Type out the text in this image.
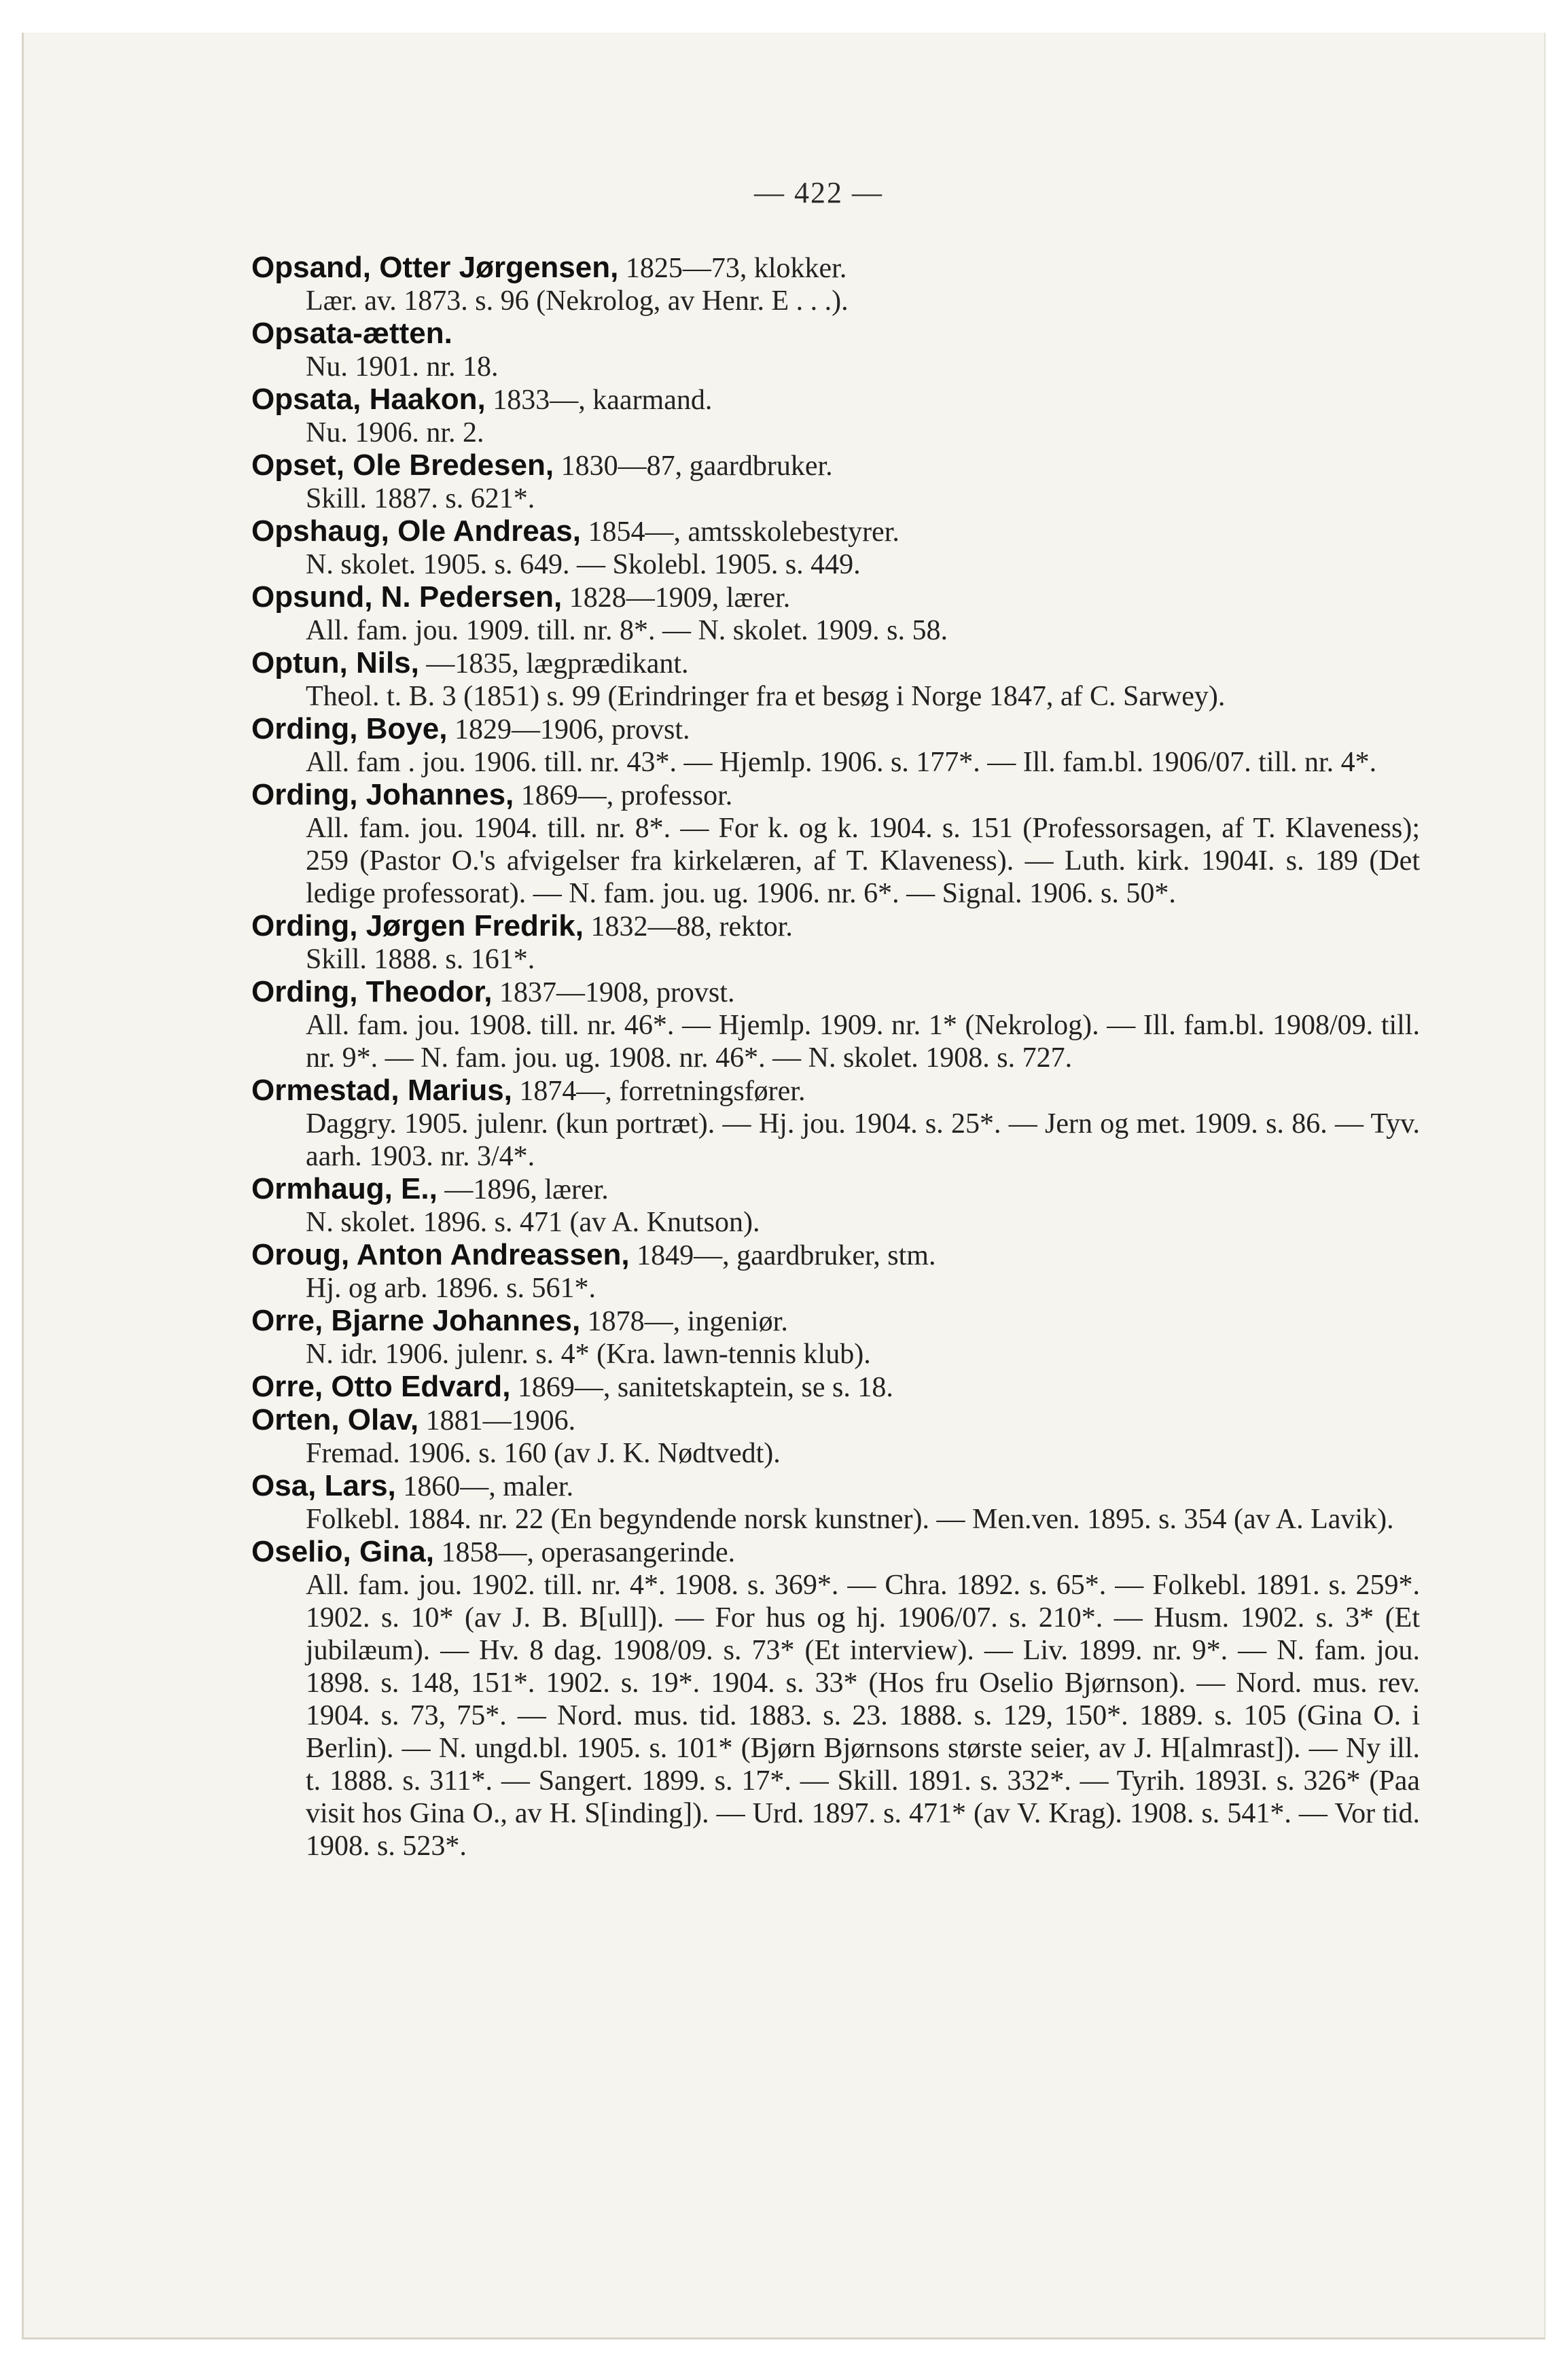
— 422 —
Opsand, Otter Jørgensen, 1825—73, klokker.
Lær. av. 1873. s. 96 (Nekrolog, av Henr. E . . .).
Opsata-ætten.
Nu. 1901. nr. 18.
Opsata, Haakon, 1833—, kaarmand.
Nu. 1906. nr. 2.
Opset, Ole Bredesen, 1830—87, gaardbruker.
Skill. 1887. s. 621*.
Opshaug, Ole Andreas, 1854—, amtsskolebestyrer.
N. skolet. 1905. s. 649. — Skolebl. 1905. s. 449.
Opsund, N. Pedersen, 1828—1909, lærer.
All. fam. jou. 1909. till. nr. 8*. — N. skolet. 1909. s. 58.
Optun, Nils, —1835, lægprædikant.
Theol. t. B. 3 (1851) s. 99 (Erindringer fra et besøg i Norge 1847, af C. Sarwey).
Ording, Boye, 1829—1906, provst.
All. fam . jou. 1906. till. nr. 43*. — Hjemlp. 1906. s. 177*. — Ill. fam.bl. 1906/07. till. nr. 4*.
Ording, Johannes, 1869—, professor.
All. fam. jou. 1904. till. nr. 8*. — For k. og k. 1904. s. 151 (Professorsagen, af T. Klaveness); 259 (Pastor O.'s afvigelser fra kirkelæren, af T. Klaveness). — Luth. kirk. 1904I. s. 189 (Det ledige professorat). — N. fam. jou. ug. 1906. nr. 6*. — Signal. 1906. s. 50*.
Ording, Jørgen Fredrik, 1832—88, rektor.
Skill. 1888. s. 161*.
Ording, Theodor, 1837—1908, provst.
All. fam. jou. 1908. till. nr. 46*. — Hjemlp. 1909. nr. 1* (Nekrolog). — Ill. fam.bl. 1908/09. till. nr. 9*. — N. fam. jou. ug. 1908. nr. 46*. — N. skolet. 1908. s. 727.
Ormestad, Marius, 1874—, forretningsfører.
Daggry. 1905. julenr. (kun portræt). — Hj. jou. 1904. s. 25*. — Jern og met. 1909. s. 86. — Tyv. aarh. 1903. nr. 3/4*.
Ormhaug, E., —1896, lærer.
N. skolet. 1896. s. 471 (av A. Knutson).
Oroug, Anton Andreassen, 1849—, gaardbruker, stm.
Hj. og arb. 1896. s. 561*.
Orre, Bjarne Johannes, 1878—, ingeniør.
N. idr. 1906. julenr. s. 4* (Kra. lawn-tennis klub).
Orre, Otto Edvard, 1869—, sanitetskaptein, se s. 18.
Orten, Olav, 1881—1906.
Fremad. 1906. s. 160 (av J. K. Nødtvedt).
Osa, Lars, 1860—, maler.
Folkebl. 1884. nr. 22 (En begyndende norsk kunstner). — Men.ven. 1895. s. 354 (av A. Lavik).
Oselio, Gina, 1858—, operasangerinde.
All. fam. jou. 1902. till. nr. 4*. 1908. s. 369*. — Chra. 1892. s. 65*. — Folkebl. 1891. s. 259*. 1902. s. 10* (av J. B. B[ull]). — For hus og hj. 1906/07. s. 210*. — Husm. 1902. s. 3* (Et jubilæum). — Hv. 8 dag. 1908/09. s. 73* (Et interview). — Liv. 1899. nr. 9*. — N. fam. jou. 1898. s. 148, 151*. 1902. s. 19*. 1904. s. 33* (Hos fru Oselio Bjørnson). — Nord. mus. rev. 1904. s. 73, 75*. — Nord. mus. tid. 1883. s. 23. 1888. s. 129, 150*. 1889. s. 105 (Gina O. i Berlin). — N. ungd.bl. 1905. s. 101* (Bjørn Bjørnsons største seier, av J. H[almrast]). — Ny ill. t. 1888. s. 311*. — Sangert. 1899. s. 17*. — Skill. 1891. s. 332*. — Tyrih. 1893I. s. 326* (Paa visit hos Gina O., av H. S[inding]). — Urd. 1897. s. 471* (av V. Krag). 1908. s. 541*. — Vor tid. 1908. s. 523*.
